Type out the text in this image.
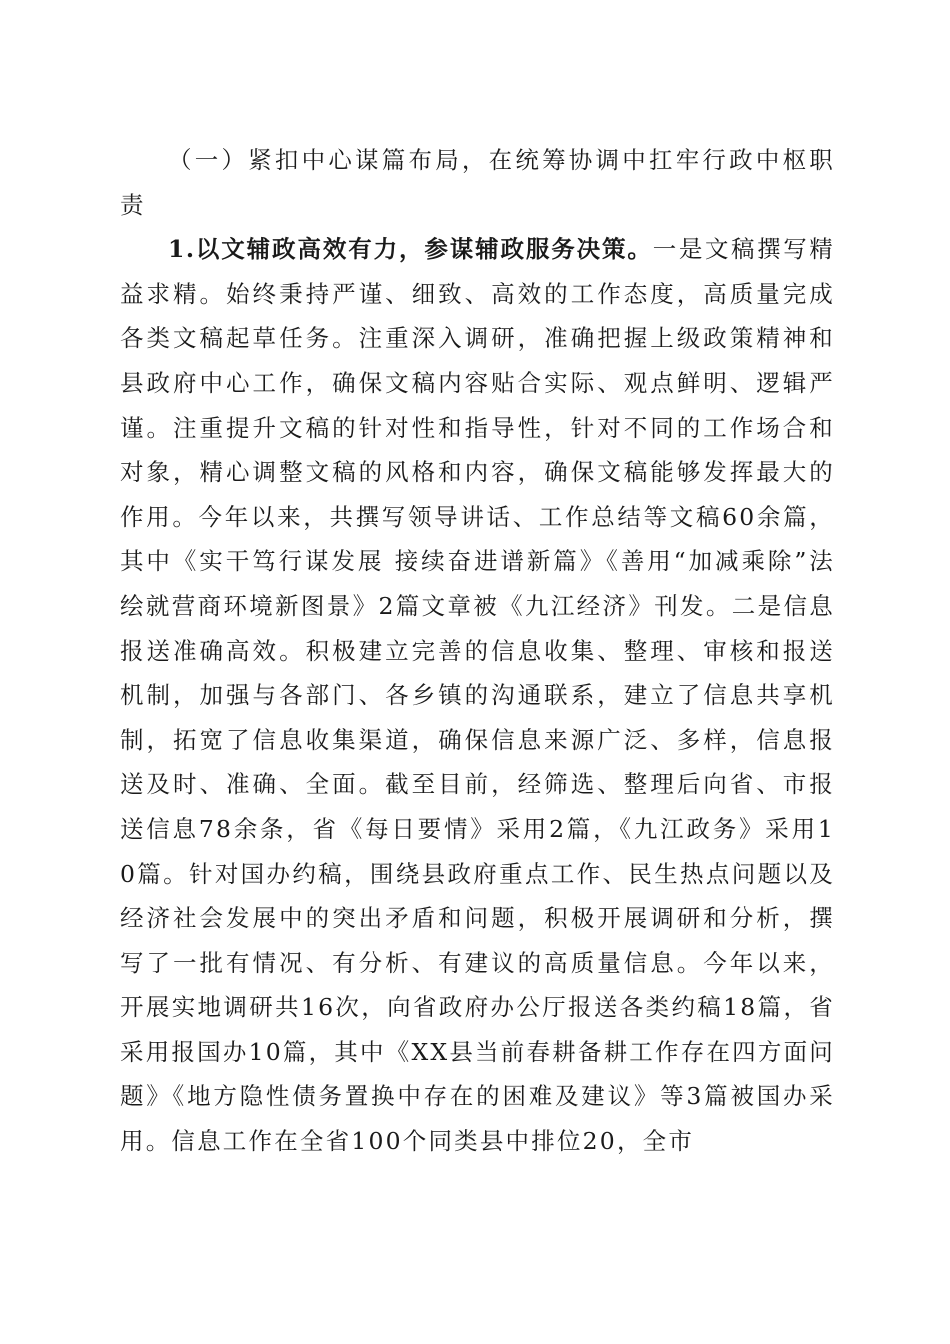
（一）紧扣中心谋篇布局，在统筹协调中扛牢行政中枢职责

1.以文辅政高效有力，参谋辅政服务决策。一是文稿撰写精益求精。始终秉持严谨、细致、高效的工作态度，高质量完成各类文稿起草任务。注重深入调研，准确把握上级政策精神和县政府中心工作，确保文稿内容贴合实际、观点鲜明、逻辑严谨。注重提升文稿的针对性和指导性，针对不同的工作场合和对象，精心调整文稿的风格和内容，确保文稿能够发挥最大的作用。今年以来，共撰写领导讲话、工作总结等文稿60余篇，其中《实干笃行谋发展 接续奋进谱新篇》《善用“加减乘除”法绘就营商环境新图景》2篇文章被《九江经济》刊发。二是信息报送准确高效。积极建立完善的信息收集、整理、审核和报送机制，加强与各部门、各乡镇的沟通联系，建立了信息共享机制，拓宽了信息收集渠道，确保信息来源广泛、多样，信息报送及时、准确、全面。截至目前，经筛选、整理后向省、市报送信息78余条，省《每日要情》采用2篇，《九江政务》采用10篇。针对国办约稿，围绕县政府重点工作、民生热点问题以及经济社会发展中的突出矛盾和问题，积极开展调研和分析，撰写了一批有情况、有分析、有建议的高质量信息。今年以来，开展实地调研共16次，向省政府办公厅报送各类约稿18篇，省采用报国办10篇，其中《XX县当前春耕备耕工作存在四方面问题》《地方隐性债务置换中存在的困难及建议》等3篇被国办采用。信息工作在全省100个同类县中排位20，全市
